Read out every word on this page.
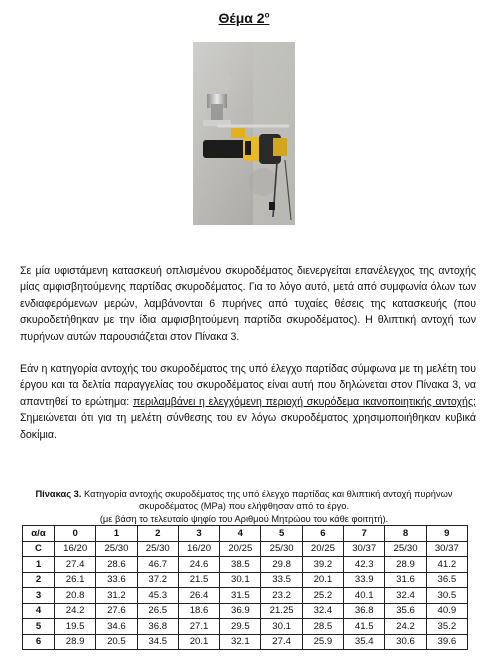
Θέμα $2^o$

Σε μία υφιστάμενη κατασκευή οπλισμένου σκυροδέματος διενεργείται επανέλεγχος της αντοχής μίας αμφισβητούμενης παρτίδας σκυροδέματος. Για το λόγο αυτό, μετά από συμφωνία όλων των ενδιαφερόμενων μερών, λαμβάνονται 6 πυρήνες από τυχαίες θέσεις της κατασκευής (που σκυροδετήθηκαν με την ίδια αμφισβητούμενη παρτίδα σκυροδέματος). Η θλιπτική αντοχή των πυρήνων αυτών παρουσιάζεται στον Πίνακα 3.

Εάν η κατηγορία αντοχής του σκυροδέματος της υπό έλεγχο παρτίδας σύμφωνα με τη μελέτη του έργου και τα δελτία παραγγελίας του σκυροδέματος είναι αυτή που δηλώνεται στον Πίνακα 3, να απαντηθεί το ερώτημα: περιλαμβάνει η ελεγχόμενη περιοχή σκυρόδεμα ικανοποιητικής αντοχής; Σημειώνεται ότι για τη μελέτη σύνθεσης του εν λόγω σκυροδέματος χρησιμοποιήθηκαν κυβικά δοκίμια.

Πίνακας 3. Κατηγορία αντοχής σκυροδέματος της υπό έλεγχο παρτίδας και θλιπτική αντοχή πυρήνων σκυροδέματος (MPa) που ελήφθησαν από το έργο.
(με βάση το τελευταίο ψηφίο του Αριθμού Μητρώου του κάθε φοιτητή).

α/α	0	1	2	3	4	5	6	7	8	9
C	16/20	25/30	25/30	16/20	20/25	25/30	20/25	30/37	25/30	30/37
1	27.4	28.6	46.7	24.6	38.5	29.8	39.2	42.3	28.9	41.2
2	26.1	33.6	37.2	21.5	30.1	33.5	20.1	33.9	31.6	36.5
3	20.8	31.2	45.3	26.4	31.5	23.2	25.2	40.1	32.4	30.5
4	24.2	27.6	26.5	18.6	36.9	21.25	32.4	36.8	35.6	40.9
5	19.5	34.6	36.8	27.1	29.5	30.1	28.5	41.5	24.2	35.2
6	28.9	20.5	34.5	20.1	32.1	27.4	25.9	35.4	30.6	39.6
